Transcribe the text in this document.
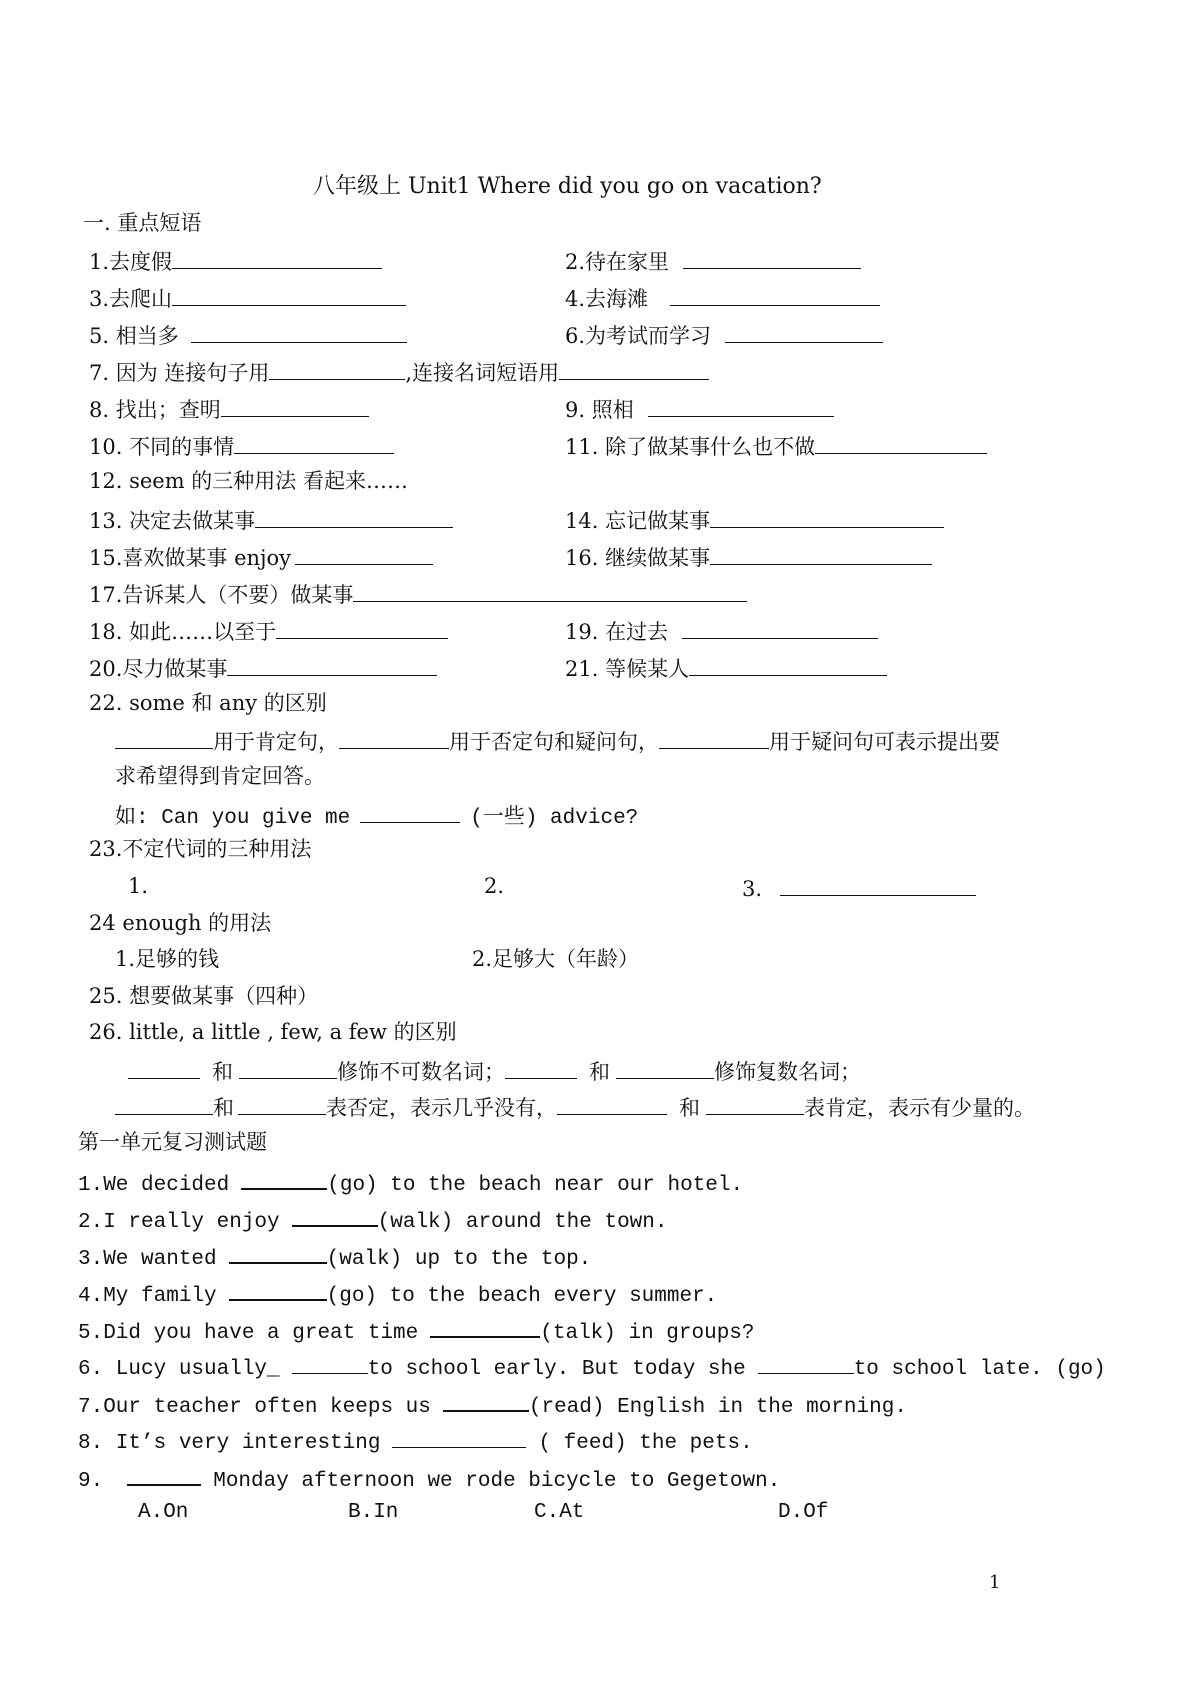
八年级上 Unit1 Where did you go on vacation?
一. 重点短语
1.去度假	2.待在家里
3.去爬山	4.去海滩
5. 相当多	6.为考试而学习
7. 因为 连接句子用	,连接名词短语用
8. 找出；查明	9. 照相
10. 不同的事情	11. 除了做某事什么也不做
12. seem 的三种用法 看起来……
13. 决定去做某事	14. 忘记做某事
15.喜欢做某事 enjoy	16. 继续做某事
17.告诉某人（不要）做某事
18. 如此……以至于	19. 在过去
20.尽力做某事	21. 等候某人
22. some 和 any 的区别
用于肯定句，	用于否定句和疑问句，	用于疑问句可表示提出要
求希望得到肯定回答。
如: Can you give me	(一些) advice?
23.不定代词的三种用法
1.	2.	3.
24 enough 的用法
1.足够的钱	2.足够大（年龄）
25. 想要做某事（四种）
26. little, a little , few, a few 的区别
和	修饰不可数名词；	和	修饰复数名词；
和	表否定，表示几乎没有，	和	表肯定，表示有少量的。
第一单元复习测试题
1.We decided	(go) to the beach near our hotel.
2.I really enjoy	(walk) around the town.
3.We wanted	(walk) up to the top.
4.My family	(go) to the beach every summer.
5.Did you have a great time	(talk) in groups?
6. Lucy usually_	to school early. But today she	to school late. (go)
7.Our teacher often keeps us	(read) English in the morning.
8. It’s very interesting	( feed) the pets.
9.	Monday afternoon we rode bicycle to Gegetown.
A.On	B.In	C.At	D.Of
1
